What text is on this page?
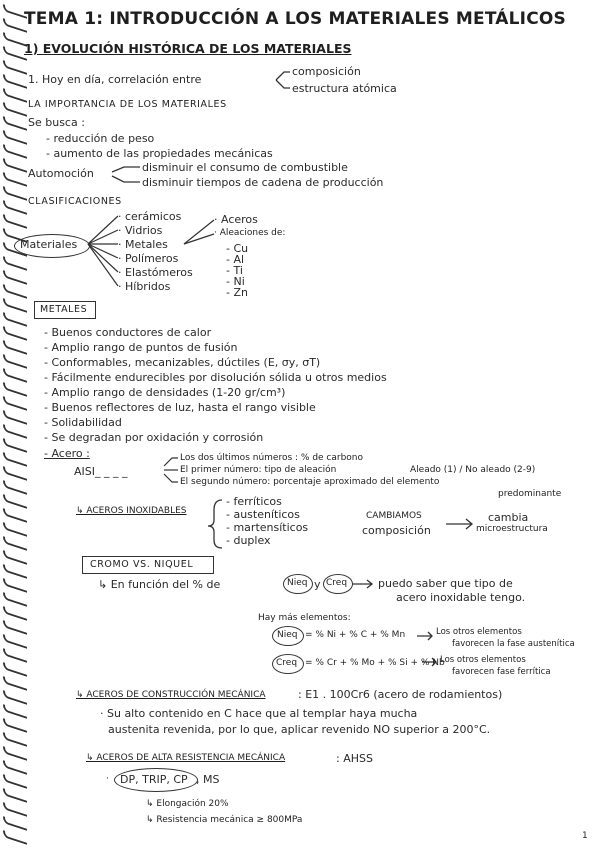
TEMA 1: INTRODUCCIÓN A LOS MATERIALES METÁLICOS
1) EVOLUCIÓN HISTÓRICA DE LOS MATERIALES
1. Hoy en día, correlación entre
composición
estructura atómica
LA IMPORTANCIA DE LOS MATERIALES
Se busca :
- reducción de peso
- aumento de las propiedades mecánicas
Automoción	disminuir el consumo de combustible
disminuir tiempos de cadena de producción
CLASIFICACIONES
Materiales
· cerámicos
· Vidrios
· Metales
· Polímeros
· Elastómeros
· Híbridos
· Aceros
· Aleaciones de:
- Cu
- Al
- Ti
- Ni
- Zn
METALES
- Buenos conductores de calor
- Amplio rango de puntos de fusión
- Conformables, mecanizables, dúctiles (E, σy, σT)
- Fácilmente endurecibles por disolución sólida u otros medios
- Amplio rango de densidades (1-20 gr/cm³)
- Buenos reflectores de luz, hasta el rango visible
- Solidabilidad
- Se degradan por oxidación y corrosión
- Acero :
AISI_ _ _ _
Los dos últimos números : % de carbono
El primer número: tipo de aleación	Aleado (1) / No aleado (2-9)
El segundo número: porcentaje aproximado del elemento
predominante
↳ ACEROS INOXIDABLES
- ferríticos
- austeníticos
- martensíticos
- duplex
CAMBIAMOS
composición
cambia
microestructura
CROMO VS. NIQUEL
↳ En función del % de	Nieq y Creq	puedo saber que tipo de
acero inoxidable tengo.
Hay más elementos:
Nieq = % Ni + % C + % Mn	Los otros elementos
favorecen la fase austenítica
Creq = % Cr + % Mo + % Si + % Nb
Los otros elementos
favorecen fase ferrítica
↳ ACEROS DE CONSTRUCCIÓN MECÁNICA	: E1 . 100Cr6 (acero de rodamientos)
· Su alto contenido en C hace que al templar haya mucha
austenita revenida, por lo que, aplicar revenido NO superior a 200°C.
↳ ACEROS DE ALTA RESISTENCIA MECÁNICA	: AHSS
· DP, TRIP, CP , MS
↳ Elongación 20%
↳ Resistencia mecánica ≥ 800MPa
1
